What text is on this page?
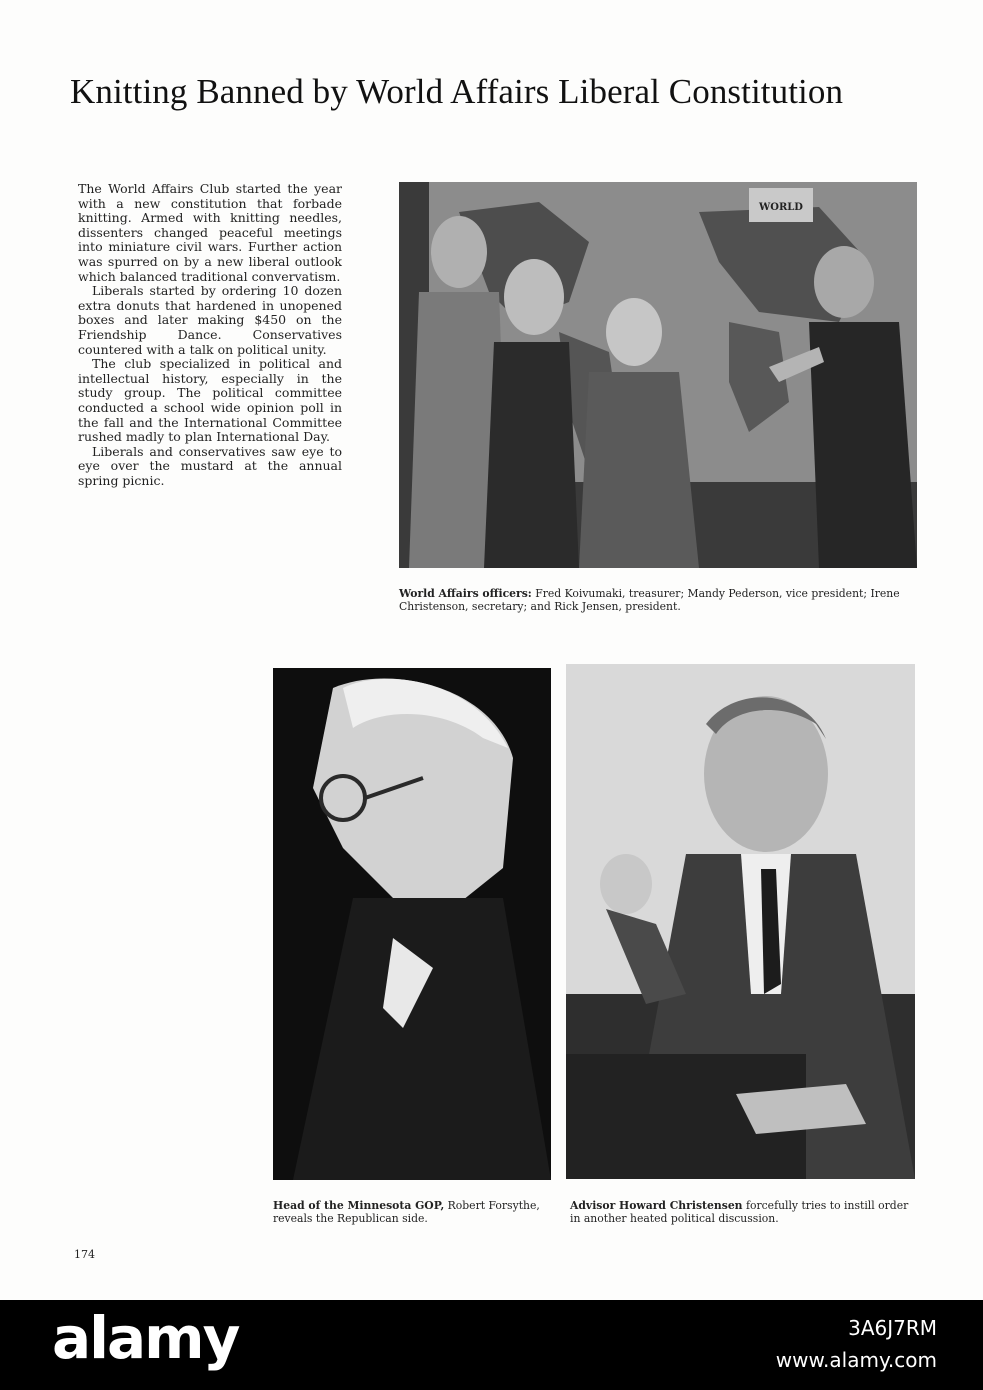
Knitting Banned by World Affairs Liberal Constitution

The World Affairs Club started the year with a new constitution that forbade knitting. Armed with knitting needles, dissenters changed peaceful meetings into miniature civil wars. Further action was spurred on by a new liberal outlook which balanced traditional convervatism.

Liberals started by ordering 10 dozen extra donuts that hardened in unopened boxes and later making $450 on the Friendship Dance. Conservatives countered with a talk on political unity.

The club specialized in political and intellectual history, especially in the study group. The political committee conducted a school wide opinion poll in the fall and the International Committee rushed madly to plan International Day.

Liberals and conservatives saw eye to eye over the mustard at the annual spring picnic.

WORLD
World Affairs officers: Fred Koivumaki, treasurer; Mandy Pederson, vice president; Irene Christenson, secretary; and Rick Jensen, president.
Head of the Minnesota GOP, Robert Forsythe, reveals the Republican side.
Advisor Howard Christensen forcefully tries to instill order in another heated political discussion.
174
alamy	3A6J7RM
www.alamy.com
